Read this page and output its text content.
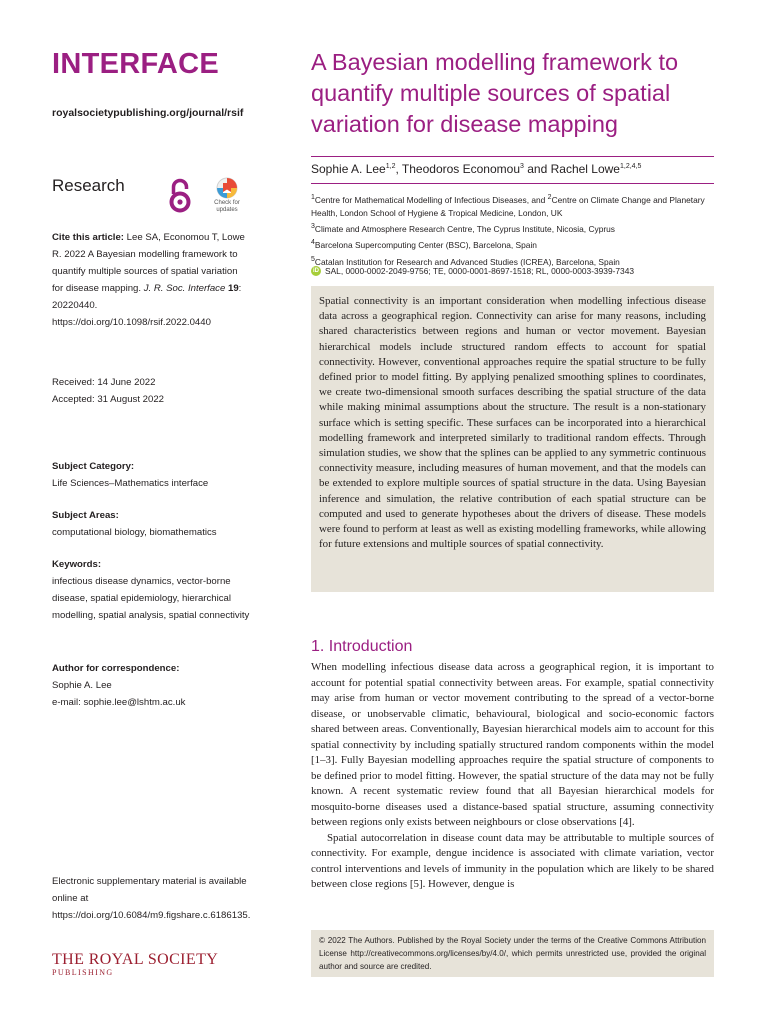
INTERFACE
royalsocietypublishing.org/journal/rsif
Research
Check for
updates
Cite this article: Lee SA, Economou T, Lowe R. 2022 A Bayesian modelling framework to quantify multiple sources of spatial variation for disease mapping. J. R. Soc. Interface 19: 20220440.
https://doi.org/10.1098/rsif.2022.0440
Received: 14 June 2022
Accepted: 31 August 2022
Subject Category:
Life Sciences–Mathematics interface
Subject Areas:
computational biology, biomathematics
Keywords:
infectious disease dynamics, vector-borne disease, spatial epidemiology, hierarchical modelling, spatial analysis, spatial connectivity
Author for correspondence:
Sophie A. Lee
e-mail: sophie.lee@lshtm.ac.uk
Electronic supplementary material is available online at https://doi.org/10.6084/m9.figshare.c.6186135.
THE ROYAL SOCIETY
PUBLISHING
A Bayesian modelling framework to quantify multiple sources of spatial variation for disease mapping
Sophie A. Lee$^{1,2}$, Theodoros Economou$^3$ and Rachel Lowe$^{1,2,4,5}$
$^1$Centre for Mathematical Modelling of Infectious Diseases, and $^2$Centre on Climate Change and Planetary Health, London School of Hygiene & Tropical Medicine, London, UK
$^3$Climate and Atmosphere Research Centre, The Cyprus Institute, Nicosia, Cyprus
$^4$Barcelona Supercomputing Center (BSC), Barcelona, Spain
$^5$Catalan Institution for Research and Advanced Studies (ICREA), Barcelona, Spain
iD SAL, 0000-0002-2049-9756; TE, 0000-0001-8697-1518; RL, 0000-0003-3939-7343

Spatial connectivity is an important consideration when modelling infectious disease data across a geographical region. Connectivity can arise for many reasons, including shared characteristics between regions and human or vector movement. Bayesian hierarchical models include structured random effects to account for spatial connectivity. However, conventional approaches require the spatial structure to be fully defined prior to model fitting. By applying penalized smoothing splines to coordinates, we create two-dimensional smooth surfaces describing the spatial structure of the data while making minimal assumptions about the structure. The result is a non-stationary surface which is setting specific. These surfaces can be incorporated into a hierarchical modelling framework and interpreted similarly to traditional random effects. Through simulation studies, we show that the splines can be applied to any symmetric continuous connectivity measure, including measures of human movement, and that the models can be extended to explore multiple sources of spatial structure in the data. Using Bayesian inference and simulation, the relative contribution of each spatial structure can be computed and used to generate hypotheses about the drivers of disease. These models were found to perform at least as well as existing modelling frameworks, while allowing for future extensions and multiple sources of spatial connectivity.

1. Introduction

When modelling infectious disease data across a geographical region, it is important to account for potential spatial connectivity between areas. For example, spatial connectivity may arise from human or vector movement contributing to the spread of a vector-borne disease, or unobservable climatic, behavioural, biological and socio-economic factors shared between areas. Conventionally, Bayesian hierarchical models aim to account for this spatial connectivity by including spatially structured random components within the model [1–3]. Fully Bayesian modelling approaches require the spatial structure of components to be defined prior to model fitting. However, the spatial structure of the data may not be fully known. A recent systematic review found that all Bayesian hierarchical models for mosquito-borne diseases used a distance-based spatial structure, assuming connectivity between regions only exists between neighbours or close observations [4].

Spatial autocorrelation in disease count data may be attributable to multiple sources of connectivity. For example, dengue incidence is associated with climate variation, vector control interventions and levels of immunity in the population which are likely to be shared between close regions [5]. However, dengue is

© 2022 The Authors. Published by the Royal Society under the terms of the Creative Commons Attribution License http://creativecommons.org/licenses/by/4.0/, which permits unrestricted use, provided the original author and source are credited.
